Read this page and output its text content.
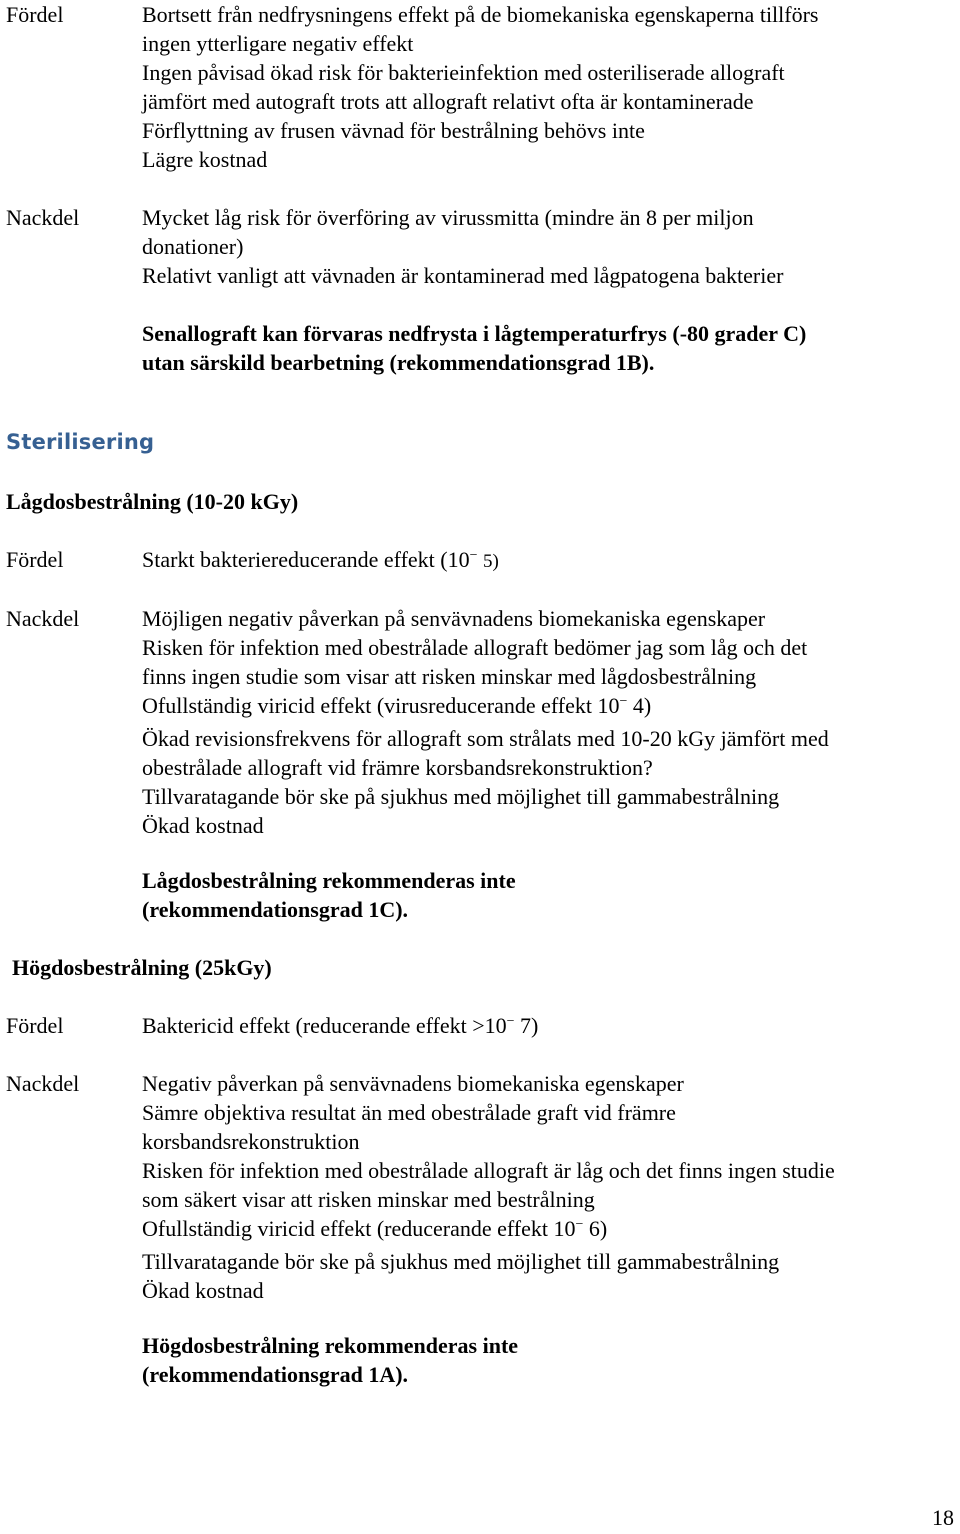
Fördel	Bortsett från nedfrysningens effekt på de biomekaniska egenskaperna tillförs
ingen ytterligare negativ effekt
Ingen påvisad ökad risk för bakterieinfektion med osteriliserade allograft
jämfört med autograft trots att allograft relativt ofta är kontaminerade
Förflyttning av frusen vävnad för bestrålning behövs inte
Lägre kostnad
Nackdel	Mycket låg risk för överföring av virussmitta (mindre än 8 per miljon
donationer)
Relativt vanligt att vävnaden är kontaminerad med lågpatogena bakterier
Senallograft kan förvaras nedfrysta i lågtemperaturfrys (-80 grader C)
utan särskild bearbetning (rekommendationsgrad 1B).
Sterilisering
Lågdosbestrålning (10-20 kGy)
Fördel	Starkt bakteriereducerande effekt (10− 5)
Nackdel	Möjligen negativ påverkan på senvävnadens biomekaniska egenskaper
Risken för infektion med obestrålade allograft bedömer jag som låg och det
finns ingen studie som visar att risken minskar med lågdosbestrålning
Ofullständig viricid effekt (virusreducerande effekt 10− 4)
Ökad revisionsfrekvens för allograft som strålats med 10-20 kGy jämfört med
obestrålade allograft vid främre korsbandsrekonstruktion?
Tillvaratagande bör ske på sjukhus med möjlighet till gammabestrålning
Ökad kostnad
Lågdosbestrålning rekommenderas inte
(rekommendationsgrad 1C).
Högdosbestrålning (25kGy)
Fördel	Baktericid effekt (reducerande effekt >10− 7)
Nackdel	Negativ påverkan på senvävnadens biomekaniska egenskaper
Sämre objektiva resultat än med obestrålade graft vid främre
korsbandsrekonstruktion
Risken för infektion med obestrålade allograft är låg och det finns ingen studie
som säkert visar att risken minskar med bestrålning
Ofullständig viricid effekt (reducerande effekt 10− 6)
Tillvaratagande bör ske på sjukhus med möjlighet till gammabestrålning
Ökad kostnad
Högdosbestrålning rekommenderas inte
(rekommendationsgrad 1A).
18
